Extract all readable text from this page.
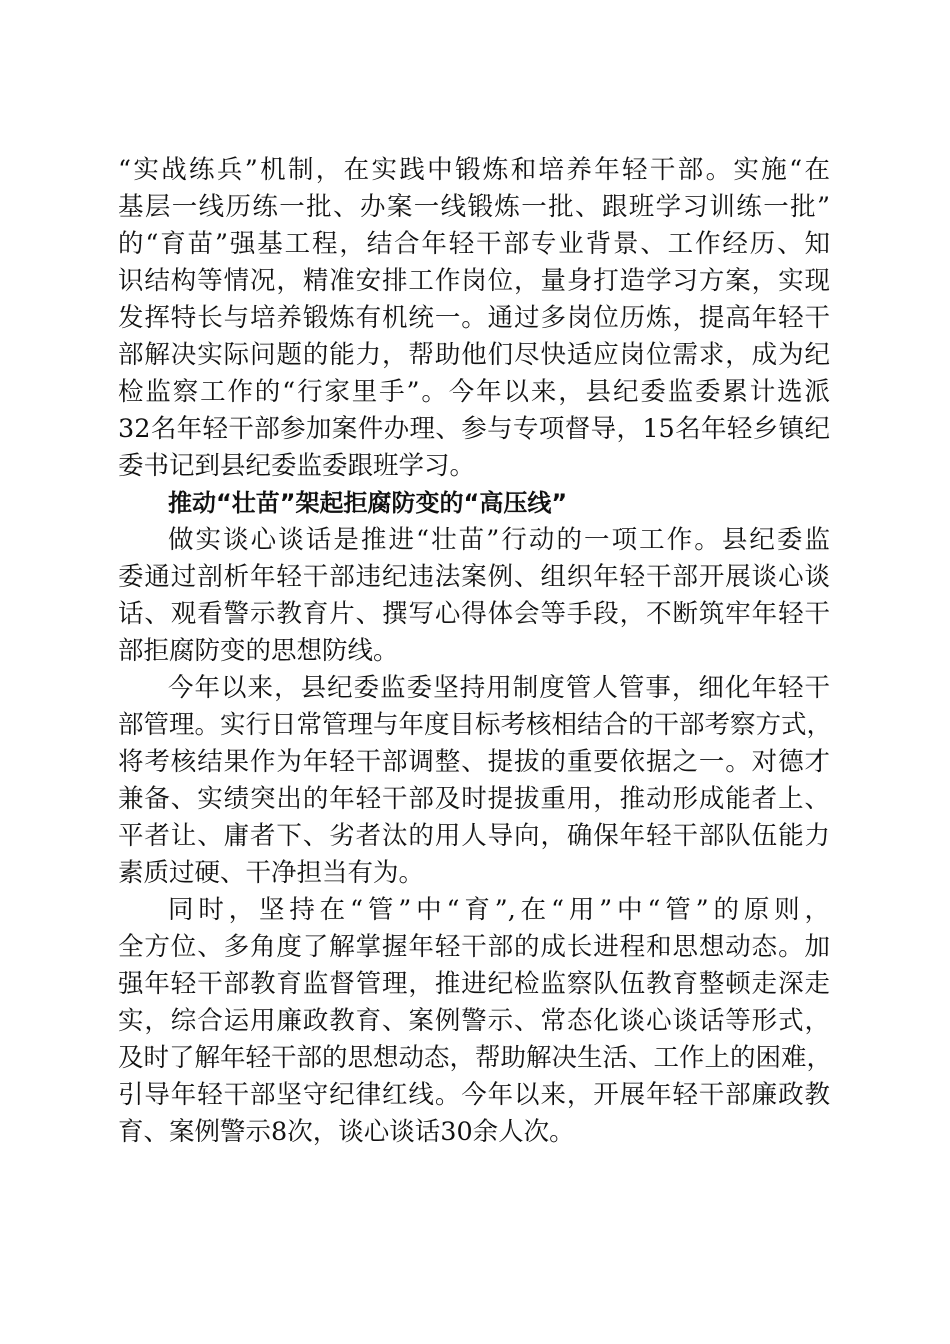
“实战练兵”机制，在实践中锻炼和培养年轻干部。实施“在
基层一线历练一批、办案一线锻炼一批、跟班学习训练一批”
的“育苗”强基工程，结合年轻干部专业背景、工作经历、知
识结构等情况，精准安排工作岗位，量身打造学习方案，实现
发挥特长与培养锻炼有机统一。通过多岗位历炼，提高年轻干
部解决实际问题的能力，帮助他们尽快适应岗位需求，成为纪
检监察工作的“行家里手”。今年以来，县纪委监委累计选派
32名年轻干部参加案件办理、参与专项督导，15名年轻乡镇纪
委书记到县纪委监委跟班学习。
推动“壮苗”架起拒腐防变的“高压线”
做实谈心谈话是推进“壮苗”行动的一项工作。县纪委监
委通过剖析年轻干部违纪违法案例、组织年轻干部开展谈心谈
话、观看警示教育片、撰写心得体会等手段，不断筑牢年轻干
部拒腐防变的思想防线。
今年以来，县纪委监委坚持用制度管人管事，细化年轻干
部管理。实行日常管理与年度目标考核相结合的干部考察方式，
将考核结果作为年轻干部调整、提拔的重要依据之一。对德才
兼备、实绩突出的年轻干部及时提拔重用，推动形成能者上、
平者让、庸者下、劣者汰的用人导向，确保年轻干部队伍能力
素质过硬、干净担当有为。
同时，坚持在“管”中“育”,在“用”中“管”的原则，
全方位、多角度了解掌握年轻干部的成长进程和思想动态。加
强年轻干部教育监督管理，推进纪检监察队伍教育整顿走深走
实，综合运用廉政教育、案例警示、常态化谈心谈话等形式，
及时了解年轻干部的思想动态，帮助解决生活、工作上的困难，
引导年轻干部坚守纪律红线。今年以来，开展年轻干部廉政教
育、案例警示8次，谈心谈话30余人次。
